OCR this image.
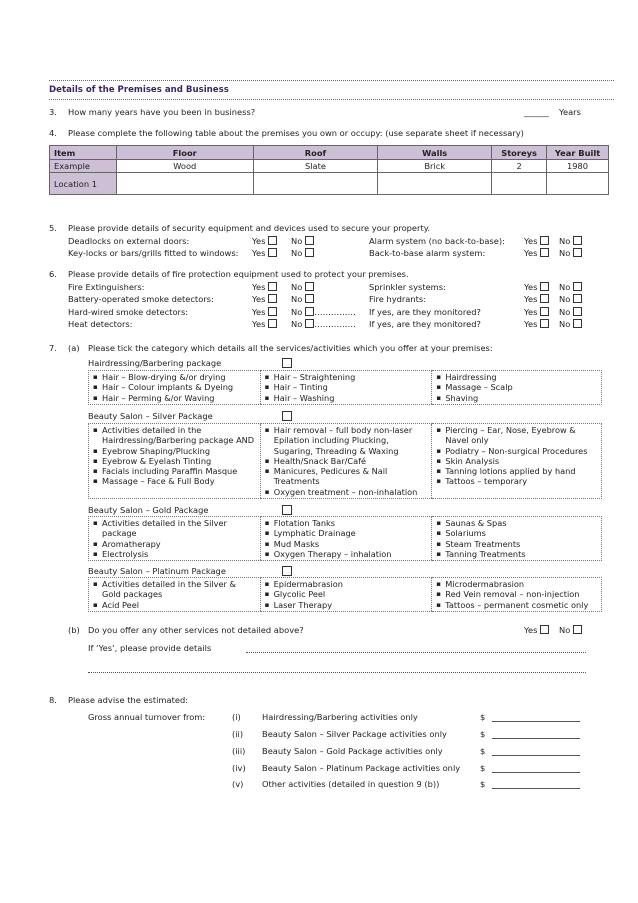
Details of the Premises and Business
3. How many years have you been in business?	______ Years
4. Please complete the following table about the premises you own or occupy: (use separate sheet if necessary)
Item	Floor	Roof	Walls	Storeys	Year Built
Example	Wood	Slate	Brick	2	1980
Location 1					
5. Please provide details of security equipment and devices used to secure your property.
Deadlocks on external doors:	Yes	No	Alarm system (no back-to-base): Yes	No
Key-locks or bars/grills fitted to windows: Yes	No	Back-to-base alarm system:	Yes	No
6. Please provide details of fire protection equipment used to protect your premises.
Fire Extinguishers:	Yes	No	Sprinkler systems:	Yes	No
Battery-operated smoke detectors:	Yes	No	Fire hydrants:	Yes	No
Hard-wired smoke detectors:	Yes	No …………… If yes, are they monitored?	Yes	No
Heat detectors:	Yes	No …………… If yes, are they monitored?	Yes	No
7. (a) Please tick the category which details all the services/activities which you offer at your premises:
Hairdressing/Barbering package
▪ Hair – Blow-drying &/or drying
▪ Hair – Colour implants & Dyeing
▪ Hair – Perming &/or Waving

▪ Hair – Straightening
▪ Hair – Tinting
▪ Hair – Washing

▪ Hairdressing
▪ Massage – Scalp
▪ Shaving
Beauty Salon – Silver Package
▪ Activities detailed in the Hairdressing/Barbering package AND
▪ Eyebrow Shaping/Plucking
▪ Eyebrow & Eyelash Tinting
▪ Facials including Paraffin Masque
▪ Massage – Face & Full Body

▪ Hair removal – full body non-laser Epilation including Plucking, Sugaring, Threading & Waxing
▪ Health/Snack Bar/Café
▪ Manicures, Pedicures & Nail Treatments
▪ Oxygen treatment – non-inhalation

▪ Piercing – Ear, Nose, Eyebrow & Navel only
▪ Podiatry – Non-surgical Procedures
▪ Skin Analysis
▪ Tanning lotions applied by hand
▪ Tattoos – temporary
Beauty Salon – Gold Package
▪ Activities detailed in the Silver package
▪ Aromatherapy
▪ Electrolysis

▪ Flotation Tanks
▪ Lymphatic Drainage
▪ Mud Masks
▪ Oxygen Therapy – inhalation

▪ Saunas & Spas
▪ Solariums
▪ Steam Treatments
▪ Tanning Treatments
Beauty Salon – Platinum Package
▪ Activities detailed in the Silver & Gold packages
▪ Acid Peel

▪ Epidermabrasion
▪ Glycolic Peel
▪ Laser Therapy

▪ Microdermabrasion
▪ Red Vein removal – non-injection
▪ Tattoos – permanent cosmetic only
(b) Do you offer any other services not detailed above?	Yes	No
If ‘Yes’, please provide details
8. Please advise the estimated:
Gross annual turnover from:	(i)	Hairdressing/Barbering activities only	$
(ii) Beauty Salon – Silver Package activities only	$
(iii) Beauty Salon – Gold Package activities only	$
(iv) Beauty Salon – Platinum Package activities only $
(v) Other activities (detailed in question 9 (b))	$
